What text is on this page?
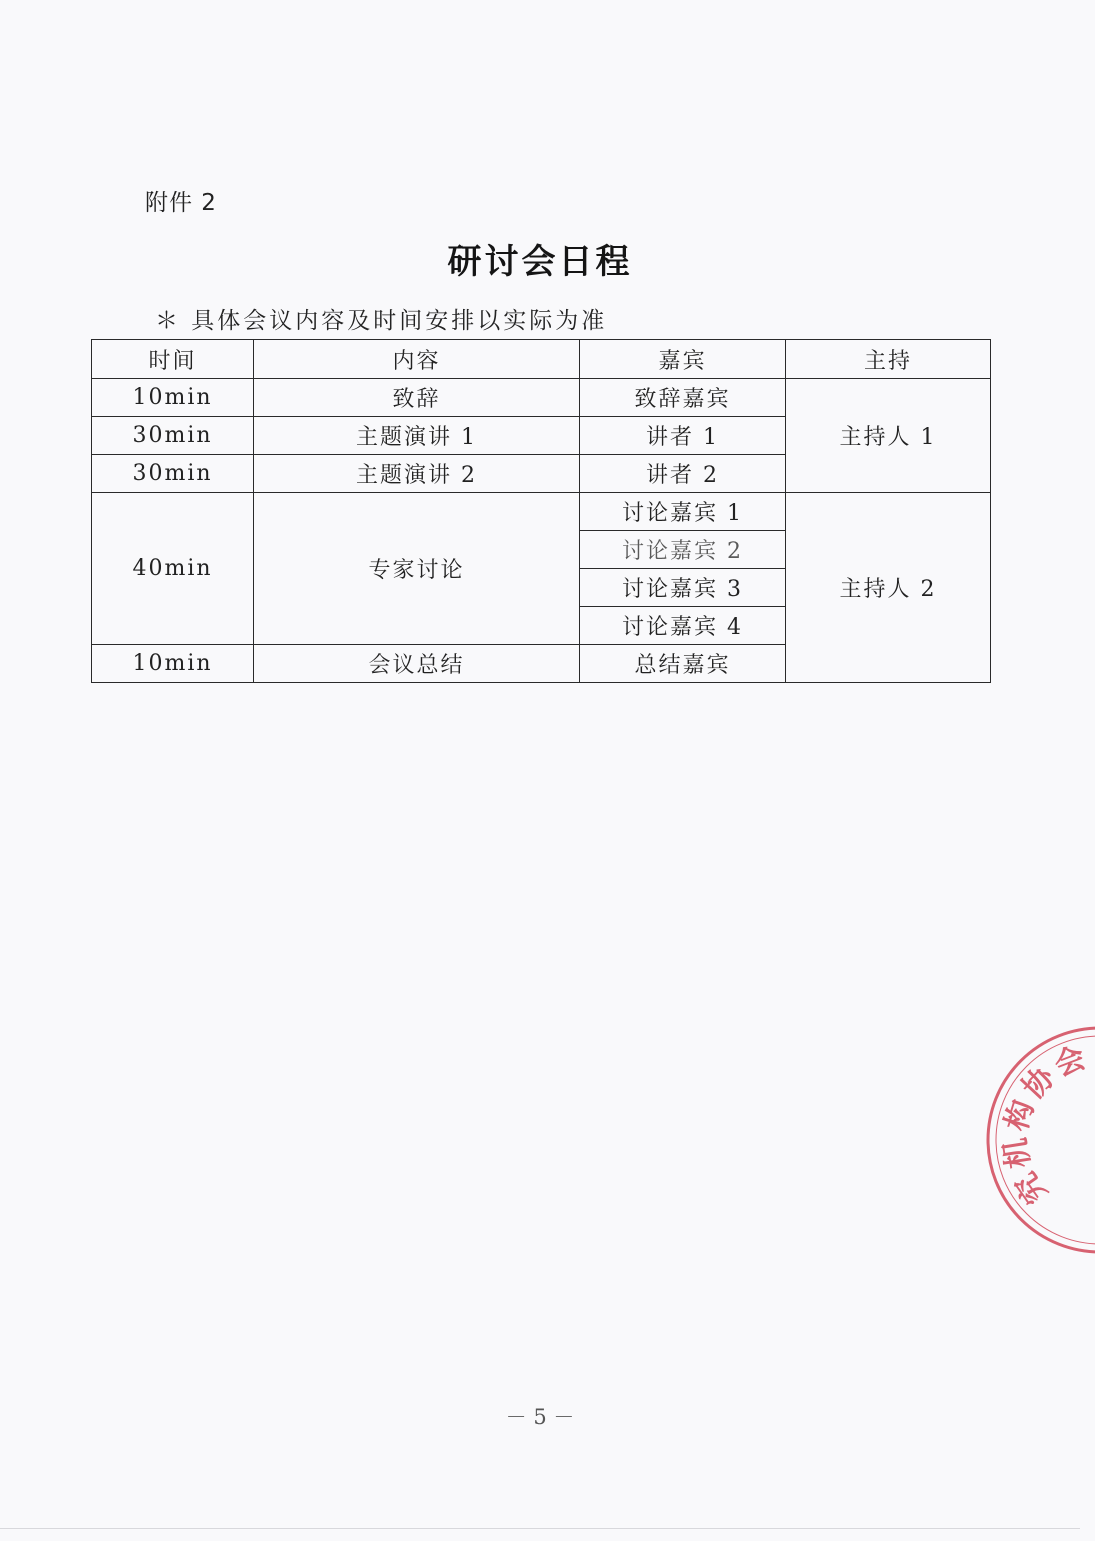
附件 2
研讨会日程
＊ 具体会议内容及时间安排以实际为准
时间	内容	嘉宾	主持
10min	致辞	致辞嘉宾	主持人 1
30min	主题演讲 1	讲者 1	
30min	主题演讲 2	讲者 2	
40min	专家讨论	讨论嘉宾 1	主持人 2
		讨论嘉宾 2	
		讨论嘉宾 3	
		讨论嘉宾 4	
10min	会议总结	总结嘉宾	
究
机
构
协
会
－ 5 －
